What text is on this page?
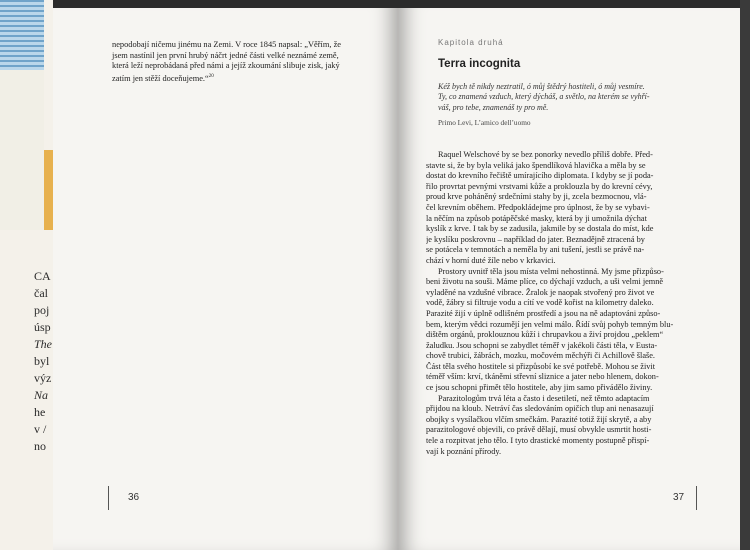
CA
čal
poj
úsp
The
byl
výz
Na
he
v /
no
nepodobají ničemu jinému na Zemi. V roce 1845 napsal: „Věřím, že
jsem nastínil jen první hrubý náčrt jedné části velké neznámé země,
která leží neprobádaná před námi a jejíž zkoumání slibuje zisk, jaký
zatím jen stěží doceňujeme.“$^{20}$
36
Kapitola druhá
Terra incognita
Kéž bych tě nikdy neztratil, ó můj štědrý hostiteli, ó můj vesmíre.
Ty, co znamená vzduch, který dýcháš, a světlo, na kterém se vyhří-
váš, pro tebe, znamenáš ty pro mě.
Primo Levi, L’amico dell’uomo
Raquel Welschové by se bez ponorky nevedlo příliš dobře. Před-
stavte si, že by byla veliká jako špendlíková hlavička a měla by se
dostat do krevního řečiště umírajícího diplomata. I kdyby se jí poda-
řilo provrtat pevnými vrstvami kůže a proklouzla by do krevní cévy,
proud krve poháněný srdečními stahy by ji, zcela bezmocnou, vlá-
čel krevním oběhem. Předpokládejme pro úplnost, že by se vybavi-
la něčím na způsob potápěčské masky, která by ji umožnila dýchat
kyslík z krve. I tak by se zadusila, jakmile by se dostala do míst, kde
je kyslíku poskrovnu – například do jater. Beznadějně ztracená by
se potácela v temnotách a neměla by ani tušení, jestli se právě na-
chází v horní duté žíle nebo v krkavici.
Prostory uvnitř těla jsou místa velmi nehostinná. My jsme přizpůso-
beni životu na souši. Máme plíce, co dýchají vzduch, a uši velmi jemně
vyladěné na vzdušné vibrace. Žralok je naopak stvořený pro život ve
vodě, žábry si filtruje vodu a cítí ve vodě kořist na kilometry daleko.
Parazité žijí v úplně odlišném prostředí a jsou na ně adaptováni způso-
bem, kterým vědci rozumějí jen velmi málo. Řídí svůj pohyb temným blu-
dištěm orgánů, proklouznou kůží i chrupavkou a živí projdou „peklem“
žaludku. Jsou schopni se zabydlet téměř v jakékoli části těla, v Eusta-
chově trubici, žábrách, mozku, močovém měchýři či Achillově šlaše.
Část těla svého hostitele si přizpůsobí ke své potřebě. Mohou se živit
téměř vším: krví, tkáněmi střevní sliznice a jater nebo hlenem, dokon-
ce jsou schopni přimět tělo hostitele, aby jim samo přivádělo živiny.
Parazitologům trvá léta a často i desetiletí, než těmto adaptacím
přijdou na kloub. Netráví čas sledováním opičích tlup ani nenasazují
obojky s vysílačkou vlčím smečkám. Parazité totiž žijí skrytě, a aby
parazitologové objevili, co právě dělají, musí obvykle usmrtit hosti-
tele a rozpitvat jeho tělo. I tyto drastické momenty postupně přispí-
vají k poznání přírody.
37
